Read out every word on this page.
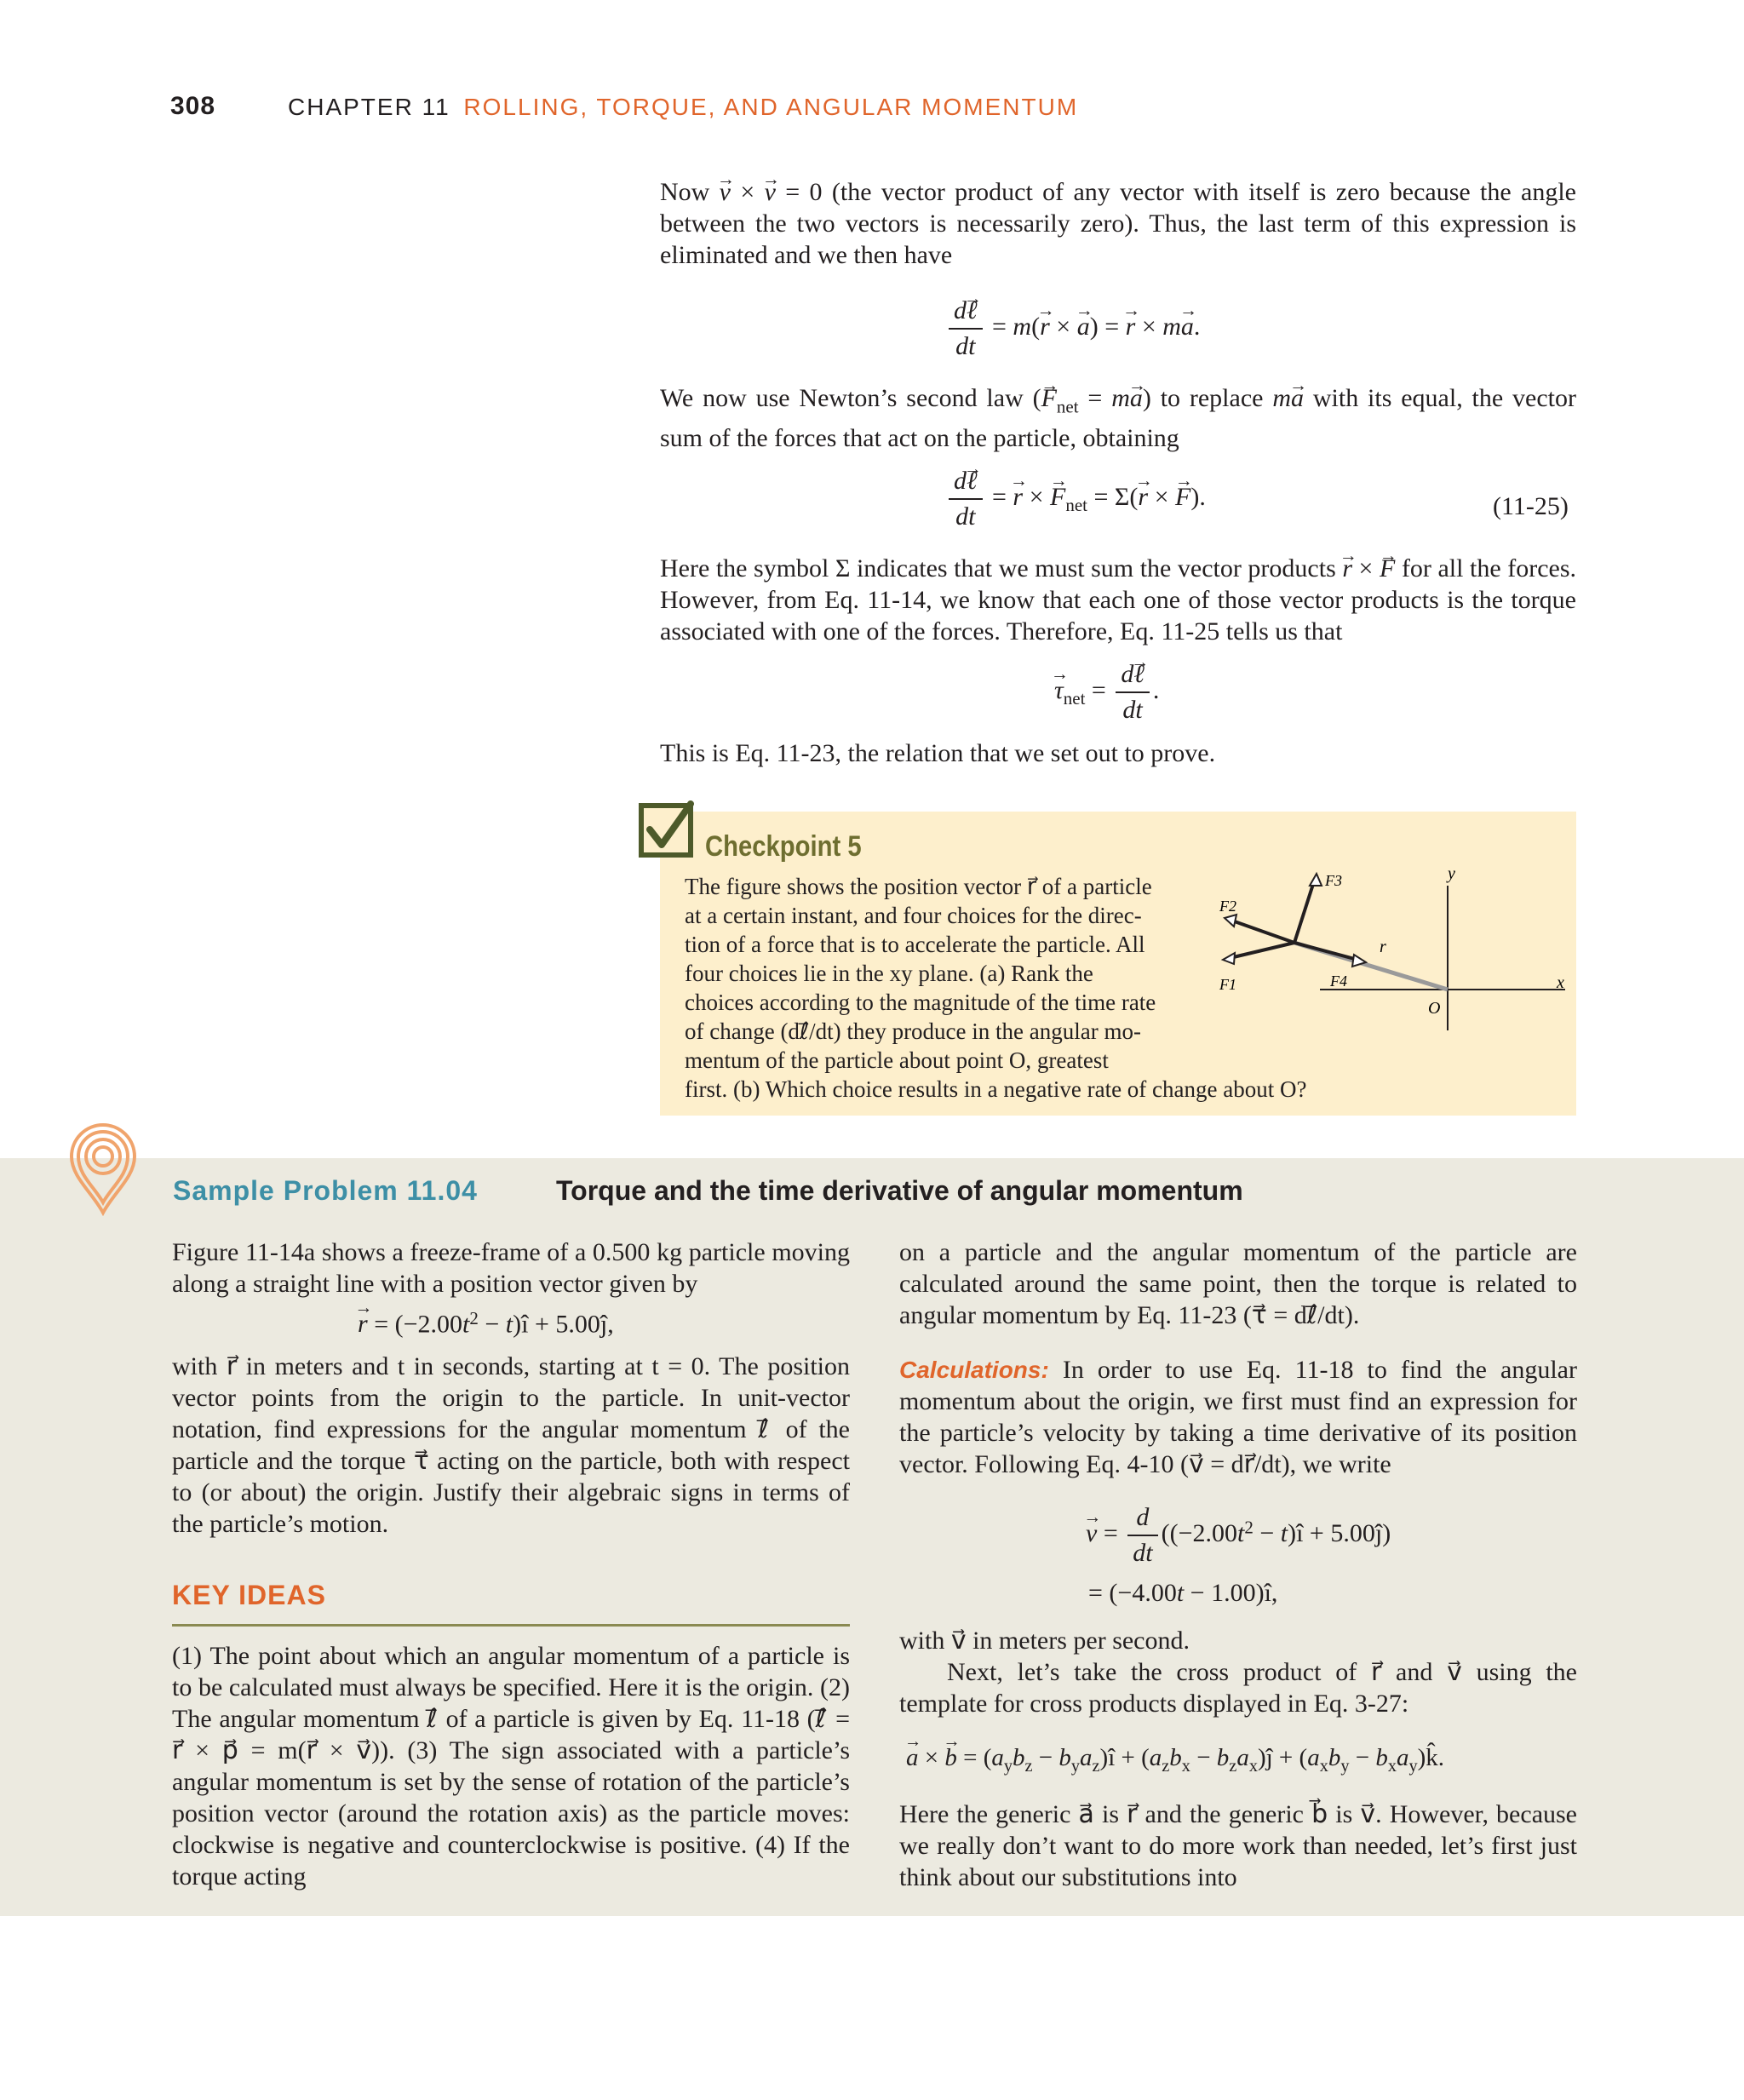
308	CHAPTER 11 ROLLING, TORQUE, AND ANGULAR MOMENTUM

Now → v × → v = 0 (the vector product of any vector with itself is zero because the angle between the two vectors is necessarily zero). Thus, the last term of this expression is eliminated and we then have

$\frac{\text{d→ ℓ}}{dt} = m(\to r$ × → a) = → r × m→ a.

We now use Newton’s second law (→ $F_{net} = m\to a$) to replace m→ a with its equal, the vector sum of the forces that act on the particle, obtaining

$\frac{\text{d→ ℓ}}{dt}$ = → r × → $F_{net} = \Sigma(\to r$ × → F).	(11-25)

Here the symbol Σ indicates that we must sum the vector products → r × → F for all the forces. However, from Eq. 11-14, we know that each one of those vector products is the torque associated with one of the forces. Therefore, Eq. 11-25 tells us that

→ $\tau_{net} = \frac{\text{d→ ℓ}}{dt}$ .

This is Eq. 11-23, the relation that we set out to prove.

Checkpoint 5
The figure shows the position vector r⃗ of a particle
at a certain instant, and four choices for the direc-
tion of a force that is to accelerate the particle. All
four choices lie in the xy plane. (a) Rank the
choices according to the magnitude of the time rate
of change (dℓ⃗/dt) they produce in the angular mo-
mentum of the particle about point O, greatest
first. (b) Which choice results in a negative rate of change about O?
y
x
O
r
F1
F2
F3
F4
Sample Problem 11.04	Torque and the time derivative of angular momentum

Figure 11-14a shows a freeze-frame of a 0.500 kg particle moving along a straight line with a position vector given by

→ $r = (-2.00t^2$ − t)î + 5.00ĵ,

with r⃗ in meters and t in seconds, starting at t = 0. The position vector points from the origin to the particle. In unit-vector notation, find expressions for the angular momentum ℓ⃗ of the particle and the torque τ⃗ acting on the particle, both with respect to (or about) the origin. Justify their algebraic signs in terms of the particle’s motion.

KEY IDEAS

(1) The point about which an angular momentum of a particle is to be calculated must always be specified. Here it is the origin. (2) The angular momentum ℓ⃗ of a particle is given by Eq. 11-18 (ℓ⃗ = r⃗ × p⃗ = m(r⃗ × v⃗)). (3) The sign associated with a particle’s angular momentum is set by the sense of rotation of the particle’s position vector (around the rotation axis) as the particle moves: clockwise is negative and counterclockwise is positive. (4) If the torque acting

on a particle and the angular momentum of the particle are calculated around the same point, then the torque is related to angular momentum by Eq. 11-23 (τ⃗ = dℓ⃗/dt).

Calculations: In order to use Eq. 11-18 to find the angular momentum about the origin, we first must find an expression for the particle’s velocity by taking a time derivative of its position vector. Following Eq. 4-10 (v⃗ = dr⃗/dt), we write

→ $v = \frac{d}{dt} ((-2.00t^2$ − t)î + 5.00ĵ)
= (−4.00t − 1.00)î,

with v⃗ in meters per second.

Next, let’s take the cross product of r⃗ and v⃗ using the template for cross products displayed in Eq. 3-27:

→ a × → $b = (a_yb_z$ − $b_ya_z)î + (a_zb_x$ − $b_za_x)ĵ + (a_xb_y$ − $b_xa_y)k̂$.

Here the generic a⃗ is r⃗ and the generic b⃗ is v⃗. However, because we really don’t want to do more work than needed, let’s first just think about our substitutions into
